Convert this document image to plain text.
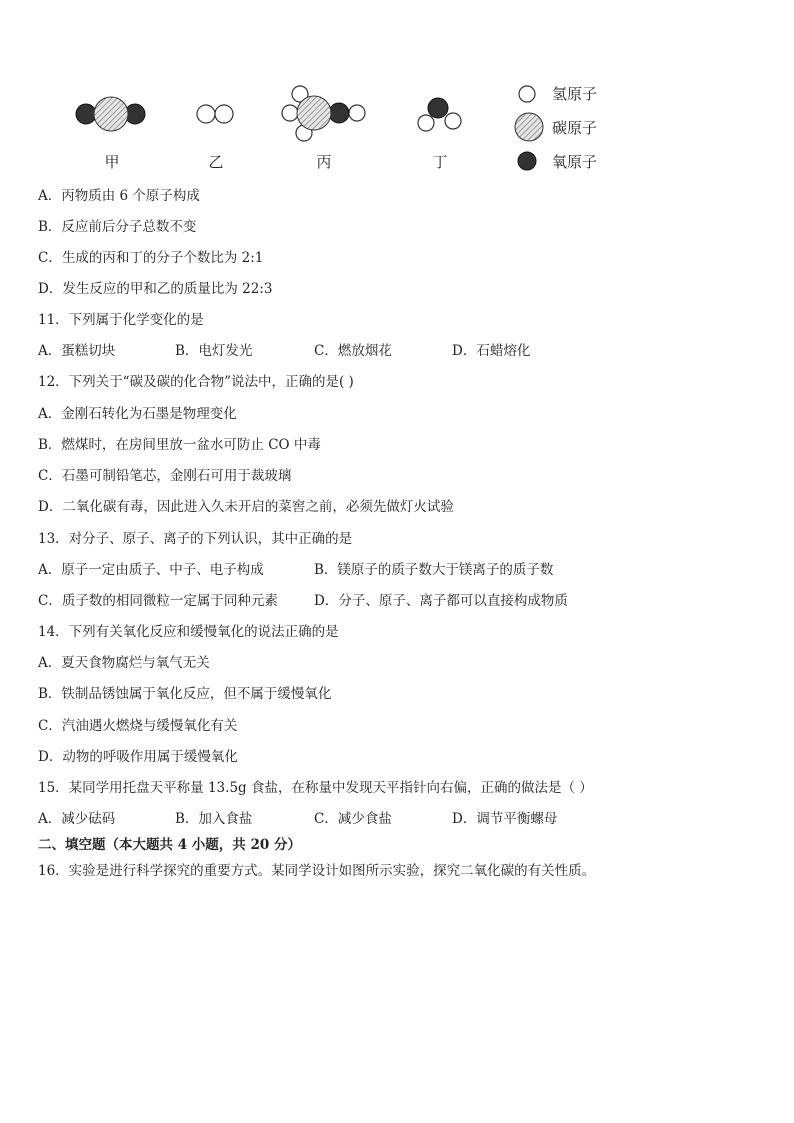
甲	乙	丙	丁
氢原子
碳原子
氧原子
A．丙物质由 6 个原子构成
B．反应前后分子总数不变
C．生成的丙和丁的分子个数比为 2:1
D．发生反应的甲和乙的质量比为 22:3
11．下列属于化学变化的是
A．蛋糕切块	B．电灯发光	C．燃放烟花	D．石蜡熔化
12．下列关于“碳及碳的化合物”说法中，正确的是( )
A．金刚石转化为石墨是物理变化
B．燃煤时，在房间里放一盆水可防止 CO 中毒
C．石墨可制铅笔芯，金刚石可用于裁玻璃
D．二氧化碳有毒，因此进入久未开启的菜窖之前，必须先做灯火试验
13．对分子、原子、离子的下列认识，其中正确的是
A．原子一定由质子、中子、电子构成	B．镁原子的质子数大于镁离子的质子数
C．质子数的相同微粒一定属于同种元素	D．分子、原子、离子都可以直接构成物质
14．下列有关氧化反应和缓慢氧化的说法正确的是
A．夏天食物腐烂与氧气无关
B．铁制品锈蚀属于氧化反应，但不属于缓慢氧化
C．汽油遇火燃烧与缓慢氧化有关
D．动物的呼吸作用属于缓慢氧化
15．某同学用托盘天平称量 13.5g 食盐，在称量中发现天平指针向右偏，正确的做法是（ ）
A．减少砝码	B．加入食盐	C．减少食盐	D．调节平衡螺母
二、填空题（本大题共 4 小题，共 20 分）
16．实验是进行科学探究的重要方式。某同学设计如图所示实验，探究二氧化碳的有关性质。
